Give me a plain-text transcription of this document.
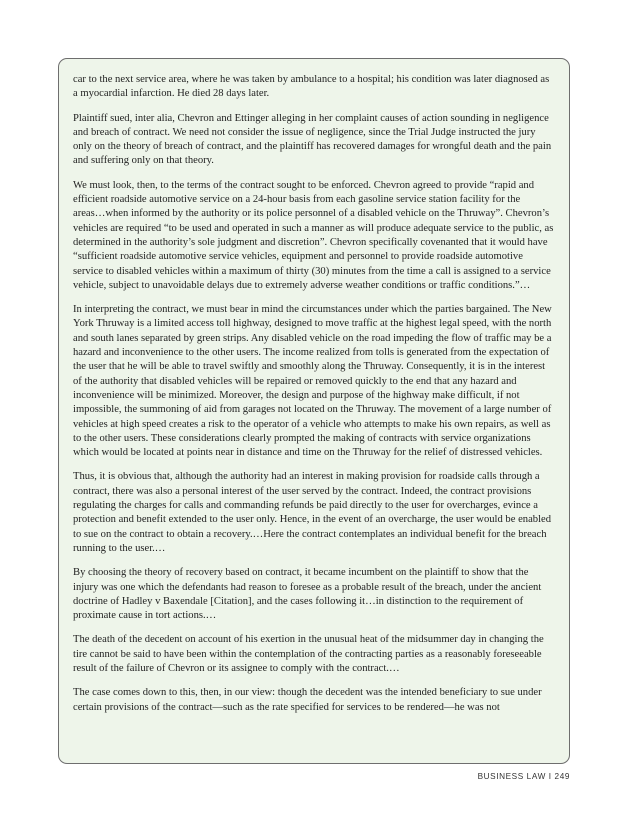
car to the next service area, where he was taken by ambulance to a hospital; his condition was later diagnosed as a myocardial infarction. He died 28 days later.

Plaintiff sued, inter alia, Chevron and Ettinger alleging in her complaint causes of action sounding in negligence and breach of contract. We need not consider the issue of negligence, since the Trial Judge instructed the jury only on the theory of breach of contract, and the plaintiff has recovered damages for wrongful death and the pain and suffering only on that theory.

We must look, then, to the terms of the contract sought to be enforced. Chevron agreed to provide “rapid and efficient roadside automotive service on a 24-hour basis from each gasoline service station facility for the areas…when informed by the authority or its police personnel of a disabled vehicle on the Thruway”. Chevron’s vehicles are required “to be used and operated in such a manner as will produce adequate service to the public, as determined in the authority’s sole judgment and discretion”. Chevron specifically covenanted that it would have “sufficient roadside automotive service vehicles, equipment and personnel to provide roadside automotive service to disabled vehicles within a maximum of thirty (30) minutes from the time a call is assigned to a service vehicle, subject to unavoidable delays due to extremely adverse weather conditions or traffic conditions.”…

In interpreting the contract, we must bear in mind the circumstances under which the parties bargained. The New York Thruway is a limited access toll highway, designed to move traffic at the highest legal speed, with the north and south lanes separated by green strips. Any disabled vehicle on the road impeding the flow of traffic may be a hazard and inconvenience to the other users. The income realized from tolls is generated from the expectation of the user that he will be able to travel swiftly and smoothly along the Thruway. Consequently, it is in the interest of the authority that disabled vehicles will be repaired or removed quickly to the end that any hazard and inconvenience will be minimized. Moreover, the design and purpose of the highway make difficult, if not impossible, the summoning of aid from garages not located on the Thruway. The movement of a large number of vehicles at high speed creates a risk to the operator of a vehicle who attempts to make his own repairs, as well as to the other users. These considerations clearly prompted the making of contracts with service organizations which would be located at points near in distance and time on the Thruway for the relief of distressed vehicles.

Thus, it is obvious that, although the authority had an interest in making provision for roadside calls through a contract, there was also a personal interest of the user served by the contract. Indeed, the contract provisions regulating the charges for calls and commanding refunds be paid directly to the user for overcharges, evince a protection and benefit extended to the user only. Hence, in the event of an overcharge, the user would be enabled to sue on the contract to obtain a recovery.…Here the contract contemplates an individual benefit for the breach running to the user.…

By choosing the theory of recovery based on contract, it became incumbent on the plaintiff to show that the injury was one which the defendants had reason to foresee as a probable result of the breach, under the ancient doctrine of Hadley v Baxendale [Citation], and the cases following it…in distinction to the requirement of proximate cause in tort actions.…

The death of the decedent on account of his exertion in the unusual heat of the midsummer day in changing the tire cannot be said to have been within the contemplation of the contracting parties as a reasonably foreseeable result of the failure of Chevron or its assignee to comply with the contract.…

The case comes down to this, then, in our view: though the decedent was the intended beneficiary to sue under certain provisions of the contract—such as the rate specified for services to be rendered—he was not

BUSINESS LAW I 249
